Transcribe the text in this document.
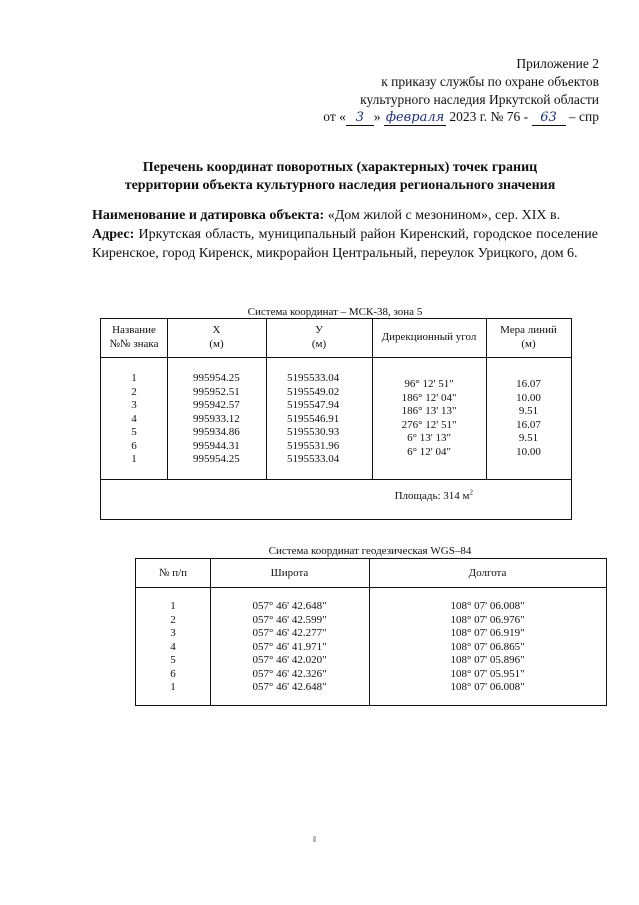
Приложение 2
к приказу службы по охране объектов
культурного наследия Иркутской области
от « 3 » февраля 2023 г. № 76 - 63 – спр
Перечень координат поворотных (характерных) точек границ
территории объекта культурного наследия регионального значения
Наименование и датировка объекта: «Дом жилой с мезонином», сер. XIX в.
Адрес: Иркутская область, муниципальный район Киренский, городское поселение Киренское, город Киренск, микрорайон Центральный, переулок Урицкого, дом 6.
Система координат – МСК-38, зона 5
Название
№№ знака
X
(м)
У
(м)
Дирекционный угол
Мера линий
(м)
1
2
3
4
5
6
1
995954.25
995952.51
995942.57
995933.12
995934.86
995944.31
995954.25
5195533.04
5195549.02
5195547.94
5195546.91
5195530.93
5195531.96
5195533.04
96° 12' 51"
186° 12' 04"
186° 13' 13"
276° 12' 51"
6° 13' 13"
6° 12' 04"
16.07
10.00
9.51
16.07
9.51
10.00
Площадь: 314 $м^2$
Система координат геодезическая WGS–84
№ п/п	Широта	Долгота
1
2
3
4
5
6
1
057° 46' 42.648"
057° 46' 42.599"
057° 46' 42.277"
057° 46' 41.971"
057° 46' 42.020"
057° 46' 42.326"
057° 46' 42.648"
108° 07' 06.008"
108° 07' 06.976"
108° 07' 06.919"
108° 07' 06.865"
108° 07' 05.896"
108° 07' 05.951"
108° 07' 06.008"
